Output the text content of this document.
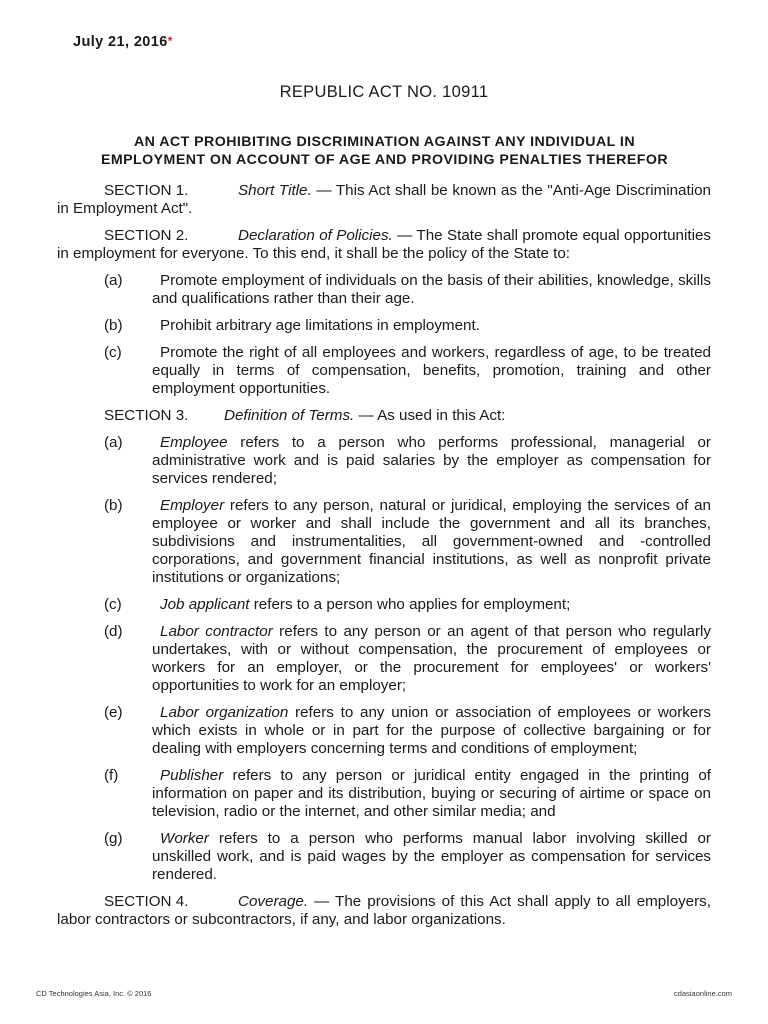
July 21, 2016*
REPUBLIC ACT NO. 10911
AN ACT PROHIBITING DISCRIMINATION AGAINST ANY INDIVIDUAL IN
EMPLOYMENT ON ACCOUNT OF AGE AND PROVIDING PENALTIES THEREFOR

SECTION 1.	Short Title. — This Act shall be known as the "Anti-Age Discrimination in Employment Act".

SECTION 2.	Declaration of Policies. — The State shall promote equal opportunities in employment for everyone. To this end, it shall be the policy of the State to:

(a) Promote employment of individuals on the basis of their abilities, knowledge, skills and qualifications rather than their age.
(b) Prohibit arbitrary age limitations in employment.
(c)	Promote the right of all employees and workers, regardless of age, to be treated equally in terms of compensation, benefits, promotion, training and other employment opportunities.

SECTION 3. Definition of Terms. — As used in this Act:

(a) Employee refers to a person who performs professional, managerial or administrative work and is paid salaries by the employer as compensation for services rendered;
(b) Employer refers to any person, natural or juridical, employing the services of an employee or worker and shall include the government and all its branches, subdivisions and instrumentalities, all government-owned and -controlled corporations, and government financial institutions, as well as nonprofit private institutions or organizations;
(c)	Job applicant refers to a person who applies for employment;
(d) Labor contractor refers to any person or an agent of that person who regularly undertakes, with or without compensation, the procurement of employees or workers for an employer, or the procurement for employees' or workers' opportunities to work for an employer;
(e) Labor organization refers to any union or association of employees or workers which exists in whole or in part for the purpose of collective bargaining or for dealing with employers concerning terms and conditions of employment;
(f)	Publisher refers to any person or juridical entity engaged in the printing of information on paper and its distribution, buying or securing of airtime or space on television, radio or the internet, and other similar media; and
(g) Worker refers to a person who performs manual labor involving skilled or unskilled work, and is paid wages by the employer as compensation for services rendered.

SECTION 4.	Coverage. — The provisions of this Act shall apply to all employers, labor contractors or subcontractors, if any, and labor organizations.

CD Technologies Asia, Inc. © 2016	cdasiaonline.com
